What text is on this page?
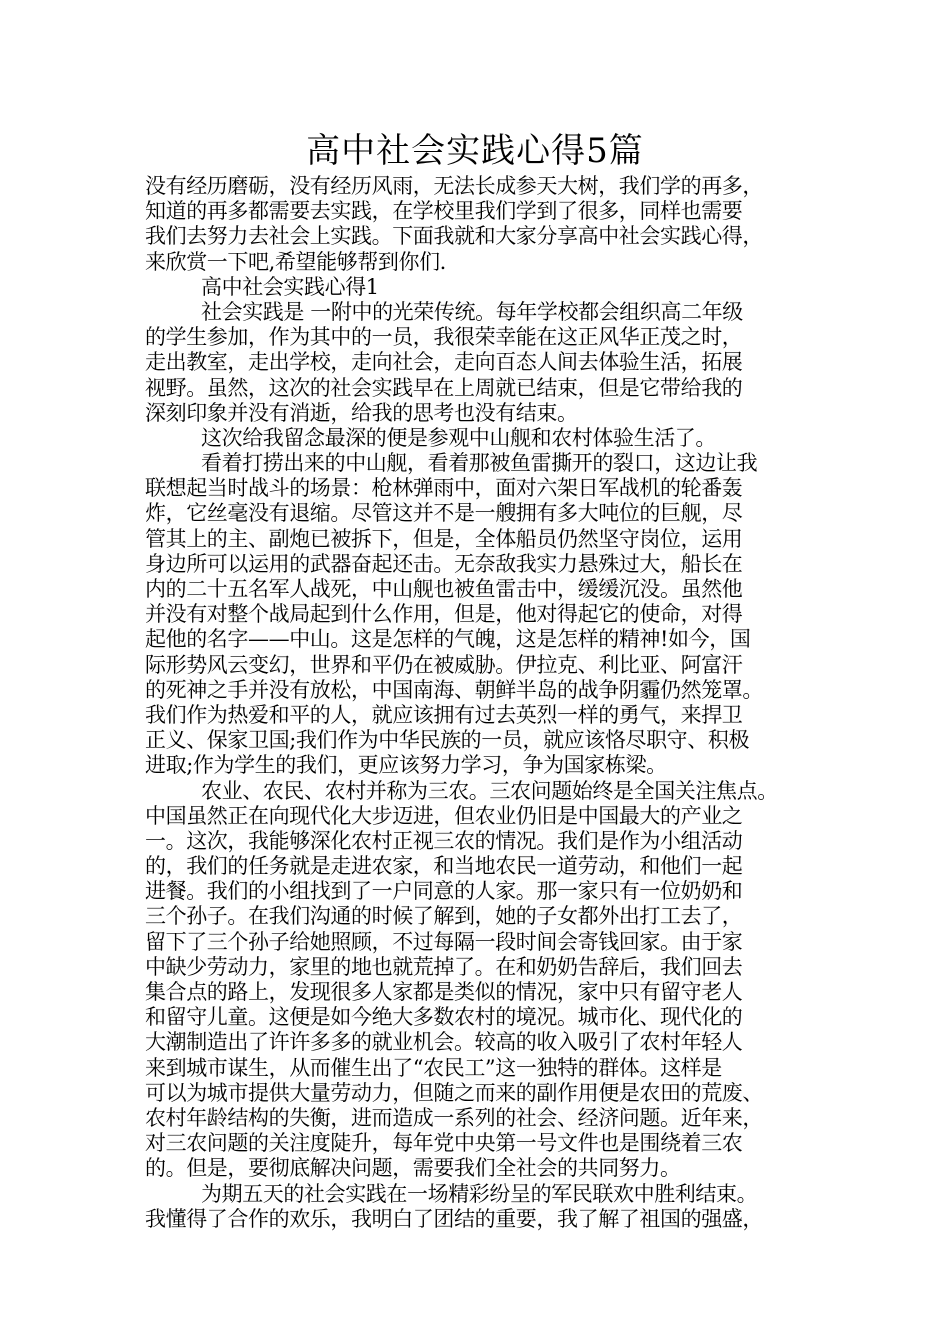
高中社会实践心得5篇
没有经历磨砺，没有经历风雨，无法长成参天大树，我们学的再多，
知道的再多都需要去实践，在学校里我们学到了很多，同样也需要
我们去努力去社会上实践。下面我就和大家分享高中社会实践心得，
来欣赏一下吧,希望能够帮到你们.
高中社会实践心得1
社会实践是 一附中的光荣传统。每年学校都会组织高二年级
的学生参加，作为其中的一员，我很荣幸能在这正风华正茂之时，
走出教室，走出学校，走向社会，走向百态人间去体验生活，拓展
视野。虽然，这次的社会实践早在上周就已结束，但是它带给我的
深刻印象并没有消逝，给我的思考也没有结束。
这次给我留念最深的便是参观中山舰和农村体验生活了。
看着打捞出来的中山舰，看着那被鱼雷撕开的裂口，这边让我
联想起当时战斗的场景：枪林弹雨中，面对六架日军战机的轮番轰
炸，它丝毫没有退缩。尽管这并不是一艘拥有多大吨位的巨舰，尽
管其上的主、副炮已被拆下，但是，全体船员仍然坚守岗位，运用
身边所可以运用的武器奋起还击。无奈敌我实力悬殊过大，船长在
内的二十五名军人战死，中山舰也被鱼雷击中，缓缓沉没。虽然他
并没有对整个战局起到什么作用，但是，他对得起它的使命，对得
起他的名字——中山。这是怎样的气魄，这是怎样的精神!如今，国
际形势风云变幻，世界和平仍在被威胁。伊拉克、利比亚、阿富汗
的死神之手并没有放松，中国南海、朝鲜半岛的战争阴霾仍然笼罩。
我们作为热爱和平的人，就应该拥有过去英烈一样的勇气，来捍卫
正义、保家卫国;我们作为中华民族的一员，就应该恪尽职守、积极
进取;作为学生的我们，更应该努力学习，争为国家栋梁。
农业、农民、农村并称为三农。三农问题始终是全国关注焦点。
中国虽然正在向现代化大步迈进，但农业仍旧是中国最大的产业之
一。这次，我能够深化农村正视三农的情况。我们是作为小组活动
的，我们的任务就是走进农家，和当地农民一道劳动，和他们一起
进餐。我们的小组找到了一户同意的人家。那一家只有一位奶奶和
三个孙子。在我们沟通的时候了解到，她的子女都外出打工去了，
留下了三个孙子给她照顾，不过每隔一段时间会寄钱回家。由于家
中缺少劳动力，家里的地也就荒掉了。在和奶奶告辞后，我们回去
集合点的路上，发现很多人家都是类似的情况，家中只有留守老人
和留守儿童。这便是如今绝大多数农村的境况。城市化、现代化的
大潮制造出了许许多多的就业机会。较高的收入吸引了农村年轻人
来到城市谋生，从而催生出了“农民工”这一独特的群体。这样是
可以为城市提供大量劳动力，但随之而来的副作用便是农田的荒废、
农村年龄结构的失衡，进而造成一系列的社会、经济问题。近年来，
对三农问题的关注度陡升，每年党中央第一号文件也是围绕着三农
的。但是，要彻底解决问题，需要我们全社会的共同努力。
为期五天的社会实践在一场精彩纷呈的军民联欢中胜利结束。
我懂得了合作的欢乐，我明白了团结的重要，我了解了祖国的强盛，
